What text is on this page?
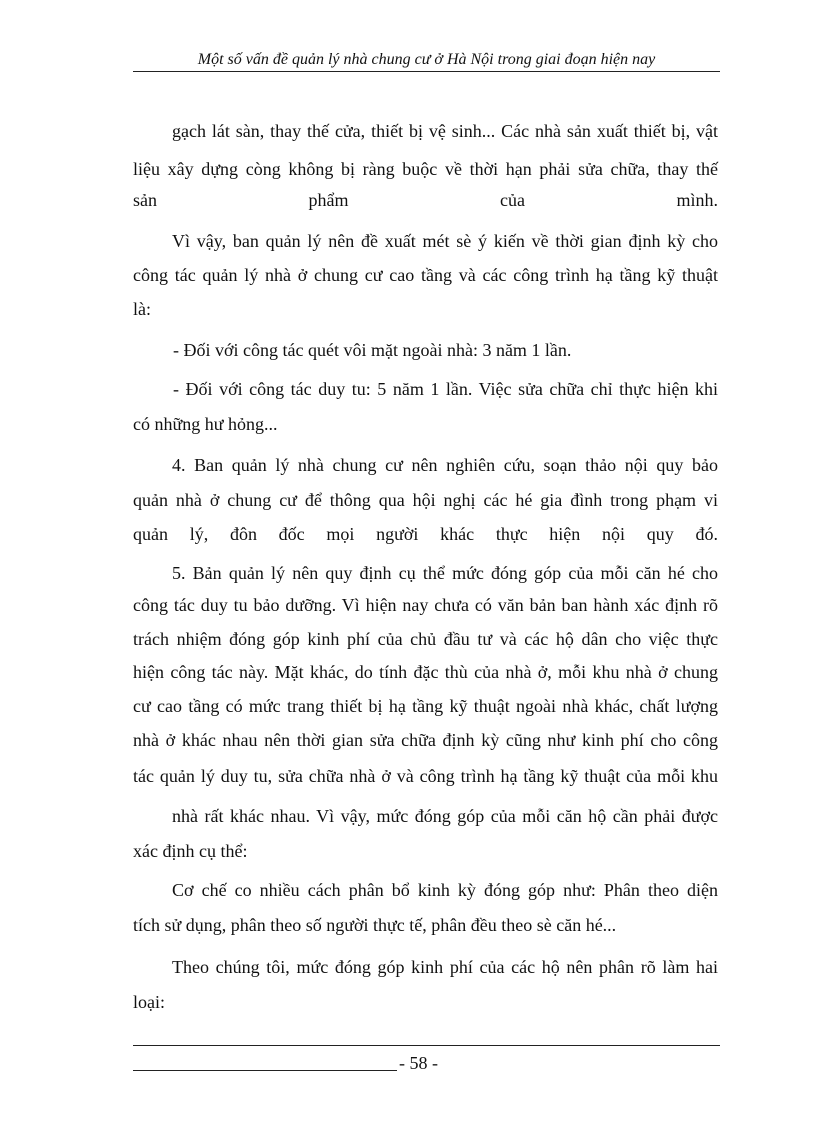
Một số vấn đề quản lý nhà chung cư ở Hà Nội trong giai đoạn hiện nay
gạch lát sàn, thay thế cửa, thiết bị vệ sinh... Các nhà sản xuất thiết bị, vật
liệu xây dựng còng không bị ràng buộc về thời hạn phải sửa chữa, thay thế
sản phẩm của mình.
Vì vậy, ban quản lý nên đề xuất mét sè ý kiến về thời gian định kỳ cho
công tác quản lý nhà ở chung cư cao tầng và các công trình hạ tầng kỹ thuật
là:
- Đối với công tác quét vôi mặt ngoài nhà: 3 năm 1 lần.
- Đối với công tác duy tu: 5 năm 1 lần. Việc sửa chữa chỉ thực hiện khi
có những hư hỏng...
4. Ban quản lý nhà chung cư nên nghiên cứu, soạn thảo nội quy bảo
quản nhà ở chung cư để thông qua hội nghị các hé gia đình trong phạm vi
quản lý, đôn đốc mọi người khác thực hiện nội quy đó.
5. Bản quản lý nên quy định cụ thể mức đóng góp của mỗi căn hé cho
công tác duy tu bảo dưỡng. Vì hiện nay chưa có văn bản ban hành xác định rõ
trách nhiệm đóng góp kinh phí của chủ đầu tư và các hộ dân cho việc thực
hiện công tác này. Mặt khác, do tính đặc thù của nhà ở, mỗi khu nhà ở chung
cư cao tầng có mức trang thiết bị hạ tầng kỹ thuật ngoài nhà khác, chất lượng
nhà ở khác nhau nên thời gian sửa chữa định kỳ cũng như kinh phí cho công
tác quản lý duy tu, sửa chữa nhà ở và công trình hạ tầng kỹ thuật của mỗi khu
nhà rất khác nhau. Vì vậy, mức đóng góp của mỗi căn hộ cần phải được
xác định cụ thể:
Cơ chế co nhiều cách phân bổ kinh kỳ đóng góp như: Phân theo diện
tích sử dụng, phân theo số người thực tế, phân đều theo sè căn hé...
Theo chúng tôi, mức đóng góp kinh phí của các hộ nên phân rõ làm hai
loại:
- 58 -
